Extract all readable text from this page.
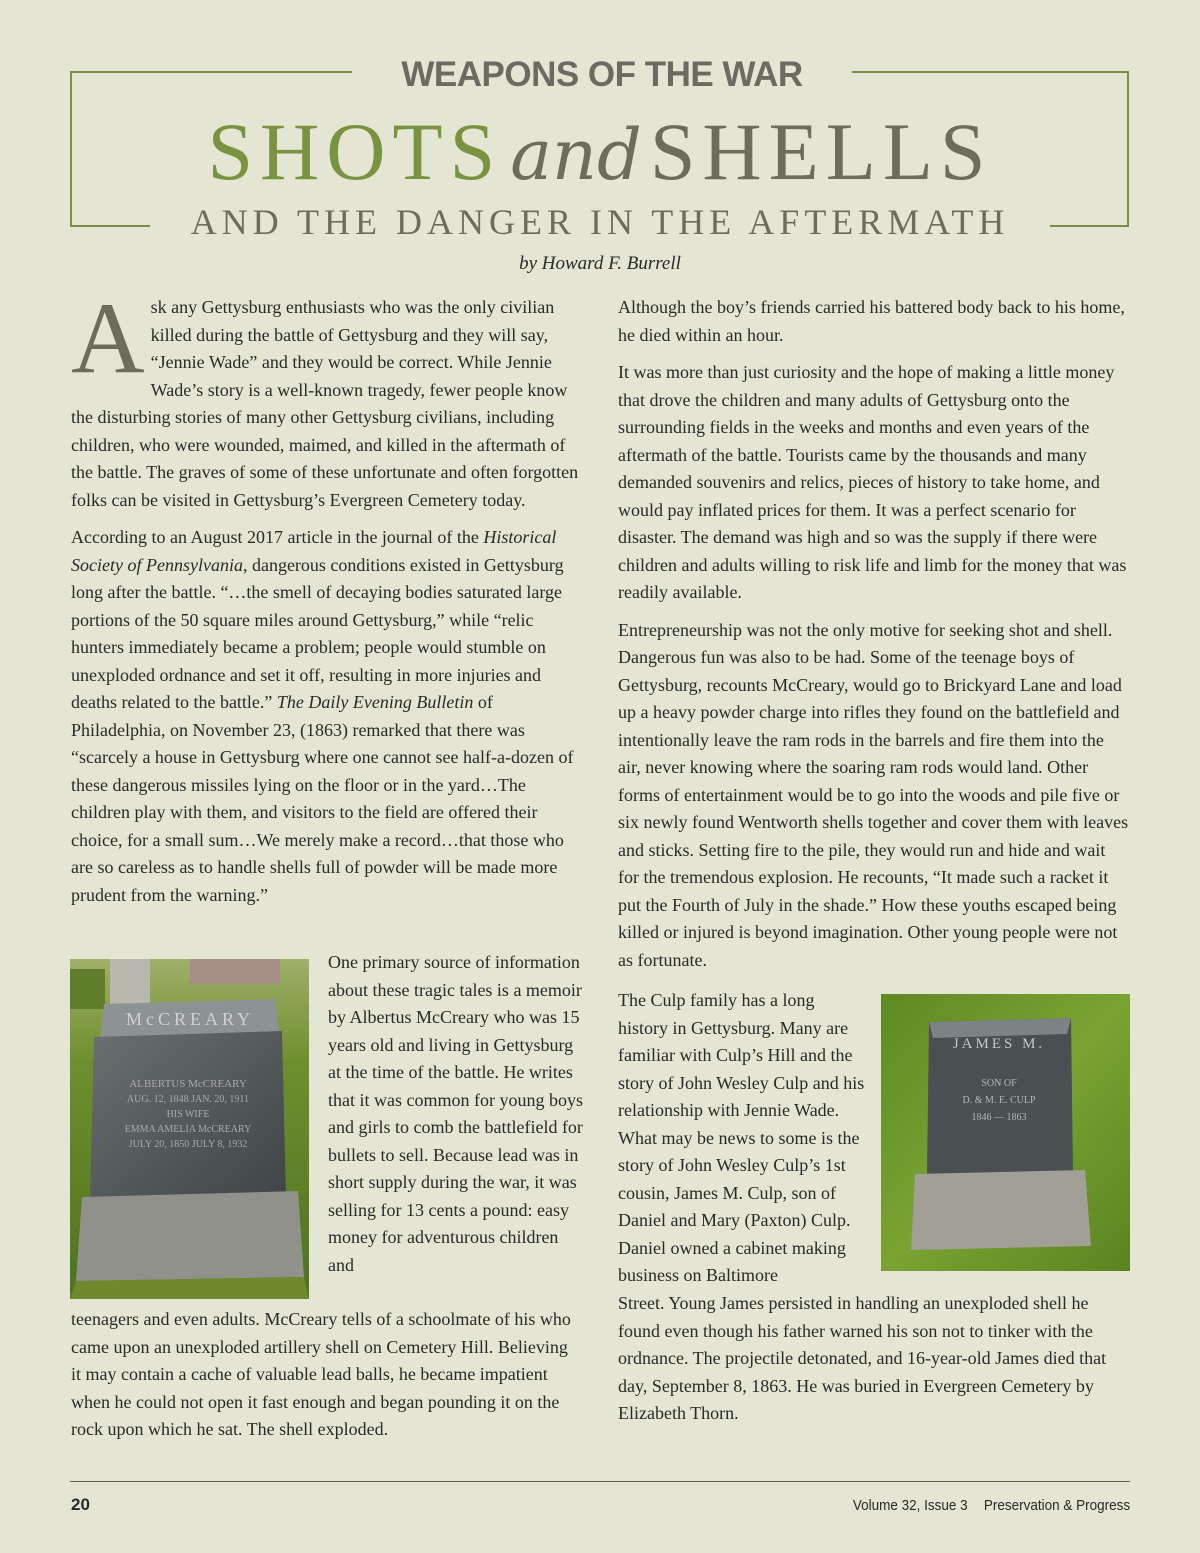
WEAPONS OF THE WAR
SHOTS andSHELLS
AND THE DANGER IN THE AFTERMATH
by Howard F. Burrell

Ask any Gettysburg enthusiasts who was the only civilian killed during the battle of Gettysburg and they will say, “Jennie Wade” and they would be correct. While Jennie Wade’s story is a well-known tragedy, fewer people know the disturbing stories of many other Gettysburg civilians, including children, who were wounded, maimed, and killed in the aftermath of the battle. The graves of some of these unfortunate and often forgotten folks can be visited in Gettysburg’s Evergreen Cemetery today.

According to an August 2017 article in the journal of the Historical Society of Pennsylvania, dangerous conditions existed in Gettysburg long after the battle. “…the smell of decaying bodies saturated large portions of the 50 square miles around Gettysburg,” while “relic hunters immediately became a problem; people would stumble on unexploded ordnance and set it off, resulting in more injuries and deaths related to the battle.” The Daily Evening Bulletin of Philadelphia, on November 23, (1863) remarked that there was “scarcely a house in Gettysburg where one cannot see half-a-dozen of these dangerous missiles lying on the floor or in the yard…The children play with them, and visitors to the field are offered their choice, for a small sum…We merely make a record…that those who are so careless as to handle shells full of powder will be made more prudent from the warning.”

McCREARY
ALBERTUS McCREARY
AUG. 12, 1848 JAN. 20, 1911
HIS WIFE
EMMA AMELIA McCREARY
JULY 20, 1850 JULY 8, 1932
One primary source of information about these tragic tales is a memoir by Albertus McCreary who was 15 years old and living in Gettysburg at the time of the battle. He writes that it was common for young boys and girls to comb the battlefield for bullets to sell. Because lead was in short supply during the war, it was selling for 13 cents a pound: easy money for adventurous children and
teenagers and even adults. McCreary tells of a schoolmate of his who came upon an unexploded artillery shell on Cemetery Hill. Believing it may contain a cache of valuable lead balls, he became impatient when he could not open it fast enough and began pounding it on the rock upon which he sat. The shell exploded.

Although the boy’s friends carried his battered body back to his home, he died within an hour.

It was more than just curiosity and the hope of making a little money that drove the children and many adults of Gettysburg onto the surrounding fields in the weeks and months and even years of the aftermath of the battle. Tourists came by the thousands and many demanded souvenirs and relics, pieces of history to take home, and would pay inflated prices for them. It was a perfect scenario for disaster. The demand was high and so was the supply if there were children and adults willing to risk life and limb for the money that was readily available.

Entrepreneurship was not the only motive for seeking shot and shell. Dangerous fun was also to be had. Some of the teenage boys of Gettysburg, recounts McCreary, would go to Brickyard Lane and load up a heavy powder charge into rifles they found on the battlefield and intentionally leave the ram rods in the barrels and fire them into the air, never knowing where the soaring ram rods would land. Other forms of entertainment would be to go into the woods and pile five or six newly found Wentworth shells together and cover them with leaves and sticks. Setting fire to the pile, they would run and hide and wait for the tremendous explosion. He recounts, “It made such a racket it put the Fourth of July in the shade.” How these youths escaped being killed or injured is beyond imagination. Other young people were not as fortunate.

JAMES M.
SON OF
D. & M. E. CULP
1846 — 1863
The Culp family has a long history in Gettysburg. Many are familiar with Culp’s Hill and the story of John Wesley Culp and his relationship with Jennie Wade. What may be news to some is the story of John Wesley Culp’s 1st cousin, James M. Culp, son of Daniel and Mary (Paxton) Culp. Daniel owned a cabinet making business on Baltimore
Street. Young James persisted in handling an unexploded shell he found even though his father warned his son not to tinker with the ordnance. The projectile detonated, and 16-year-old James died that day, September 8, 1863. He was buried in Evergreen Cemetery by Elizabeth Thorn.
20	Volume 32, Issue 3 Preservation & Progress
